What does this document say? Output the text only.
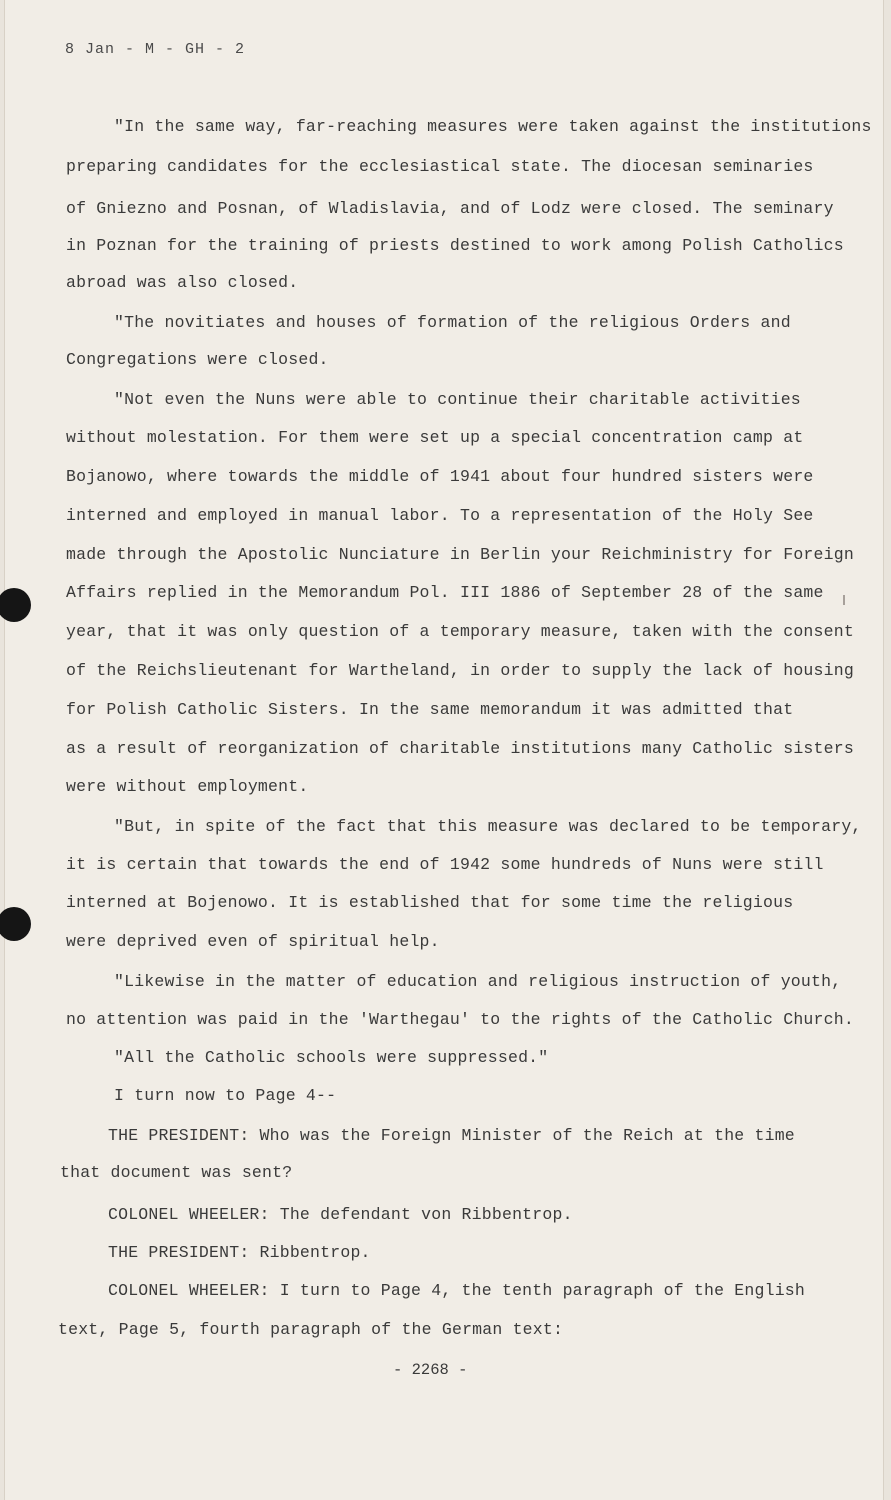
8 Jan - M - GH - 2
"In the same way, far-reaching measures were taken against the institutions
preparing candidates for the ecclesiastical state. The diocesan seminaries
of Gniezno and Posnan, of Wladislavia, and of Lodz were closed. The seminary
in Poznan for the training of priests destined to work among Polish Catholics
abroad was also closed.
"The novitiates and houses of formation of the religious Orders and
Congregations were closed.
"Not even the Nuns were able to continue their charitable activities
without molestation. For them were set up a special concentration camp at
Bojanowo, where towards the middle of 1941 about four hundred sisters were
interned and employed in manual labor. To a representation of the Holy See
made through the Apostolic Nunciature in Berlin your Reichministry for Foreign
Affairs replied in the Memorandum Pol. III 1886 of September 28 of the same
year, that it was only question of a temporary measure, taken with the consent
of the Reichslieutenant for Wartheland, in order to supply the lack of housing
for Polish Catholic Sisters. In the same memorandum it was admitted that
as a result of reorganization of charitable institutions many Catholic sisters
were without employment.
"But, in spite of the fact that this measure was declared to be temporary,
it is certain that towards the end of 1942 some hundreds of Nuns were still
interned at Bojenowo. It is established that for some time the religious
were deprived even of spiritual help.
"Likewise in the matter of education and religious instruction of youth,
no attention was paid in the 'Warthegau' to the rights of the Catholic Church.
"All the Catholic schools were suppressed."
I turn now to Page 4--
THE PRESIDENT: Who was the Foreign Minister of the Reich at the time
that document was sent?
COLONEL WHEELER: The defendant von Ribbentrop.
THE PRESIDENT: Ribbentrop.
COLONEL WHEELER: I turn to Page 4, the tenth paragraph of the English
text, Page 5, fourth paragraph of the German text:
- 2268 -
